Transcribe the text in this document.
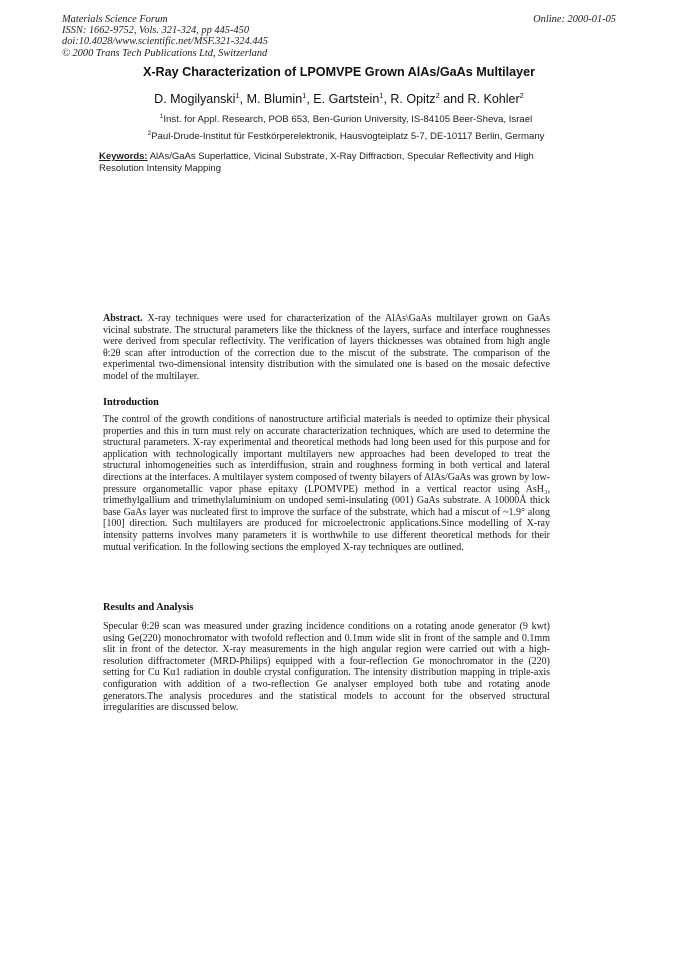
Materials Science Forum
ISSN: 1662-9752, Vols. 321-324, pp 445-450
doi:10.4028/www.scientific.net/MSF.321-324.445
© 2000 Trans Tech Publications Ltd, Switzerland
Online: 2000-01-05
X-Ray Characterization of LPOMVPE Grown AlAs/GaAs Multilayer
D. Mogilyanski$^1$, M. Blumin$^1$, E. Gartstein$^1$, R. Opitz$^2$ and R. Kohler$^2$
$^1$Inst. for Appl. Research, POB 653, Ben-Gurion University, IS-84105 Beer-Sheva, Israel
$^2$Paul-Drude-Institut für Festkörperelektronik, Hausvogteiplatz 5-7, DE-10117 Berlin, Germany
Keywords: AlAs/GaAs Superlattice, Vicinal Substrate, X-Ray Diffraction, Specular Reflectivity and High Resolution Intensity Mapping
Abstract. X-ray techniques were used for characterization of the AlAs\GaAs multilayer grown on GaAs vicinal substrate. The structural parameters like the thickness of the layers, surface and interface roughnesses were derived from specular reflectivity. The verification of layers thicknesses was obtained from high angle θ:2θ scan after introduction of the correction due to the miscut of the substrate. The comparison of the experimental two-dimensional intensity distribution with the simulated one is based on the mosaic defective model of the multilayer.
Introduction
The control of the growth conditions of nanostructure artificial materials is needed to optimize their physical properties and this in turn must rely on accurate characterization techniques, which are used to determine the structural parameters. X-ray experimental and theoretical methods had long been used for this purpose and for application with technologically important multilayers new approaches had been developed to treat the structural inhomogeneities such as interdiffusion, strain and roughness forming in both vertical and lateral directions at the interfaces. A multilayer system composed of twenty bilayers of AlAs/GaAs was grown by low-pressure organometallic vapor phase epitaxy (LPOMVPE) method in a vertical reactor using AsH₃, trimethylgallium and trimethylaluminium on undoped semi-insulating (001) GaAs substrate. A 10000Å thick base GaAs layer was nucleated first to improve the surface of the substrate, which had a miscut of ~1.9° along [100] direction. Such multilayers are produced for microelectronic applications.Since modelling of X-ray intensity patterns involves many parameters it is worthwhile to use different theoretical methods for their mutual verification. In the following sections the employed X-ray techniques are outlined.
Results and Analysis
Specular θ:2θ scan was measured under grazing incidence conditions on a rotating anode generator (9 kwt) using Ge(220) monochromator with twofold reflection and 0.1mm wide slit in front of the sample and 0.1mm slit in front of the detector. X-ray measurements in the high angular region were carried out with a high-resolution diffractometer (MRD-Philips) equipped with a four-reflection Ge monochromator in the (220) setting for Cu Kα1 radiation in double crystal configuration. The intensity distribution mapping in triple-axis configuration with addition of a two-reflection Ge analyser employed both tube and rotating anode generators.The analysis procedures and the statistical models to account for the observed structural irregularities are discussed below.
